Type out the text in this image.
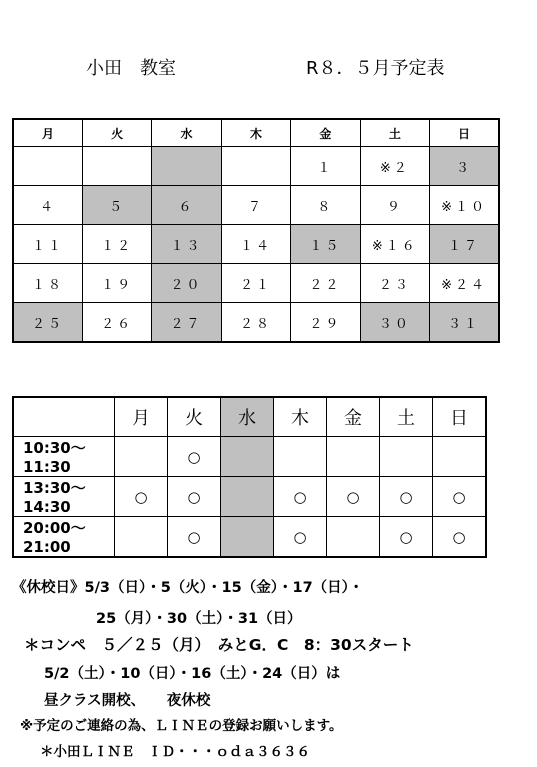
小田　教室	R８．５月予定表
月	火	水	木	金	土	日
				１	※２	３
４	５	６	７	８	９	※１０
１１	１２	１３	１４	１５	※１６	１７
１８	１９	２０	２１	２２	２３	※２４
２５	２６	２７	２８	２９	３０	３１
	月	火	水	木	金	土	日
10:30〜11:30		○					
13:30〜14:30	○	○		○	○	○	○
20:00〜21:00		○		○		○	○
《休校日》5/3（日）・5（火）・15（金）・17（日）・
25（月）・30（土）・31（日）
＊コンペ　５／２５（月）　みとG．C　8：30スタート
5/2（土）・10（日）・16（土）・24（日）は
昼クラス開校、　　夜休校
※予定のご連絡の為、ＬＩＮＥの登録お願いします。
＊小田ＬＩＮＥ　ＩＤ・・・ｏｄａ３６３６
